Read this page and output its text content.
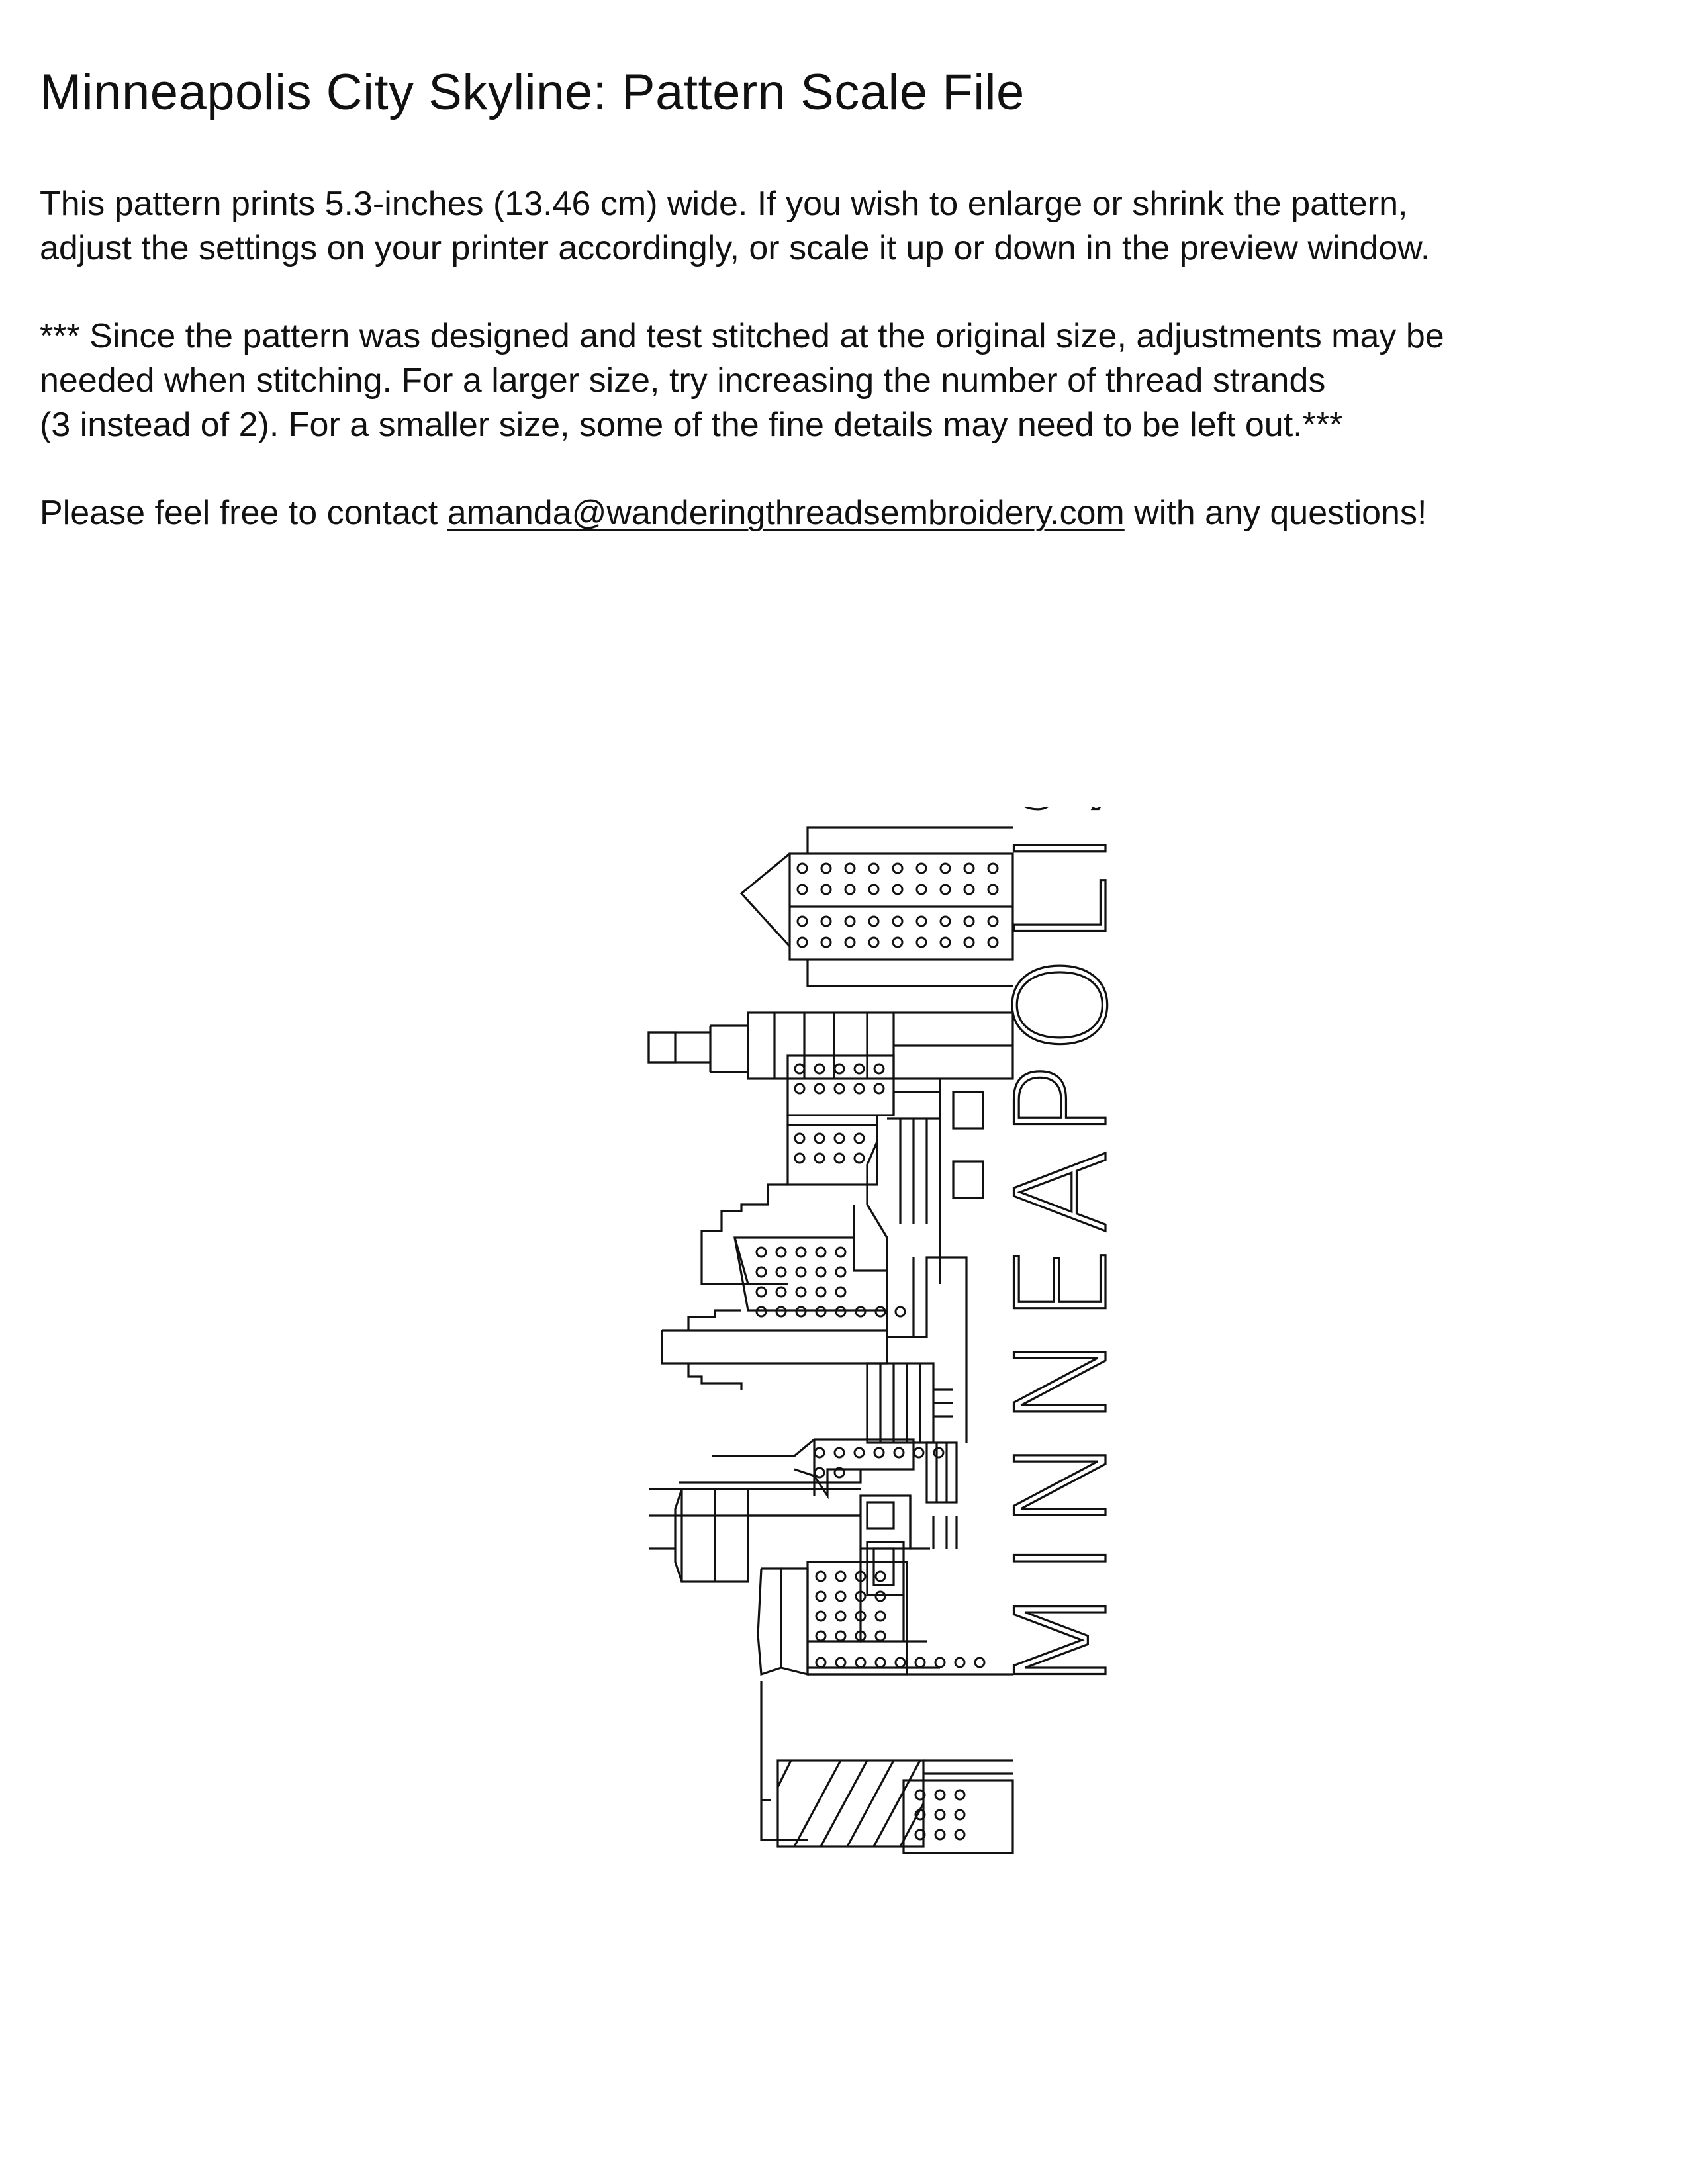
Minneapolis City Skyline: Pattern Scale File

This pattern prints 5.3-inches (13.46 cm) wide. If you wish to enlarge or shrink the pattern,
adjust the settings on your printer accordingly, or scale it up or down in the preview window.

*** Since the pattern was designed and test stitched at the original size, adjustments may be
needed when stitching. For a larger size, try increasing the number of thread strands
(3 instead of 2). For a smaller size, some of the fine details may need to be left out.***

Please feel free to contact amanda@wanderingthreadsembroidery.com with any questions!

MINNEAPOLIS
